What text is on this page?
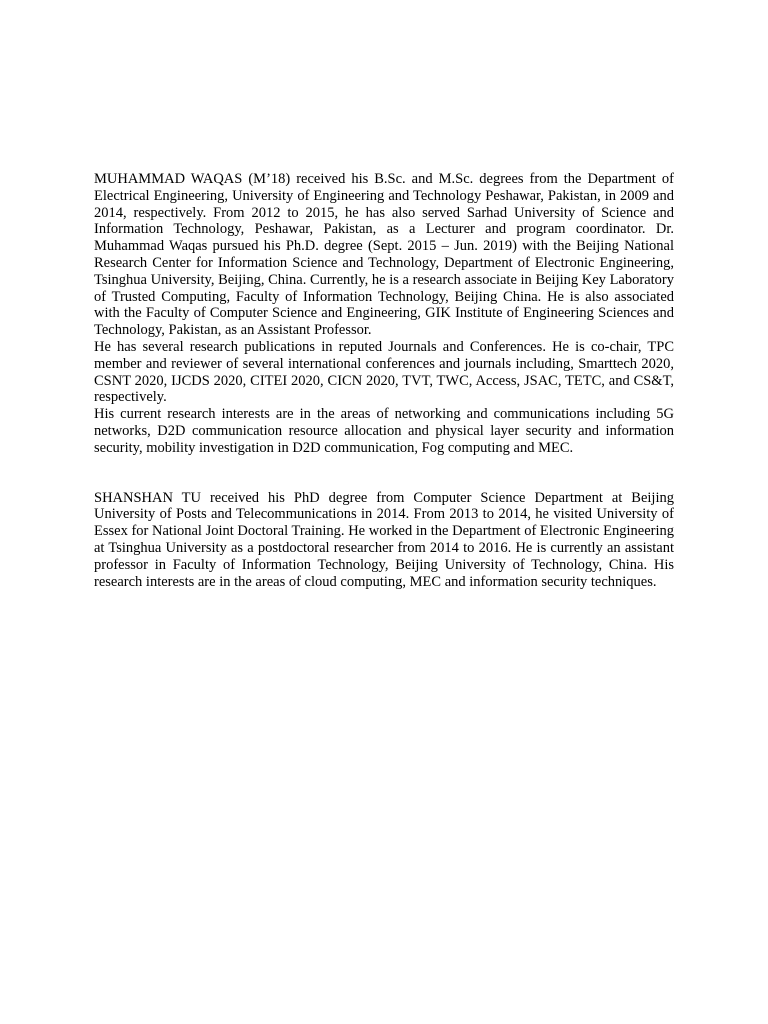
MUHAMMAD WAQAS (M’18) received his B.Sc. and M.Sc. degrees from the Department of Electrical Engineering, University of Engineering and Technology Peshawar, Pakistan, in 2009 and 2014, respectively. From 2012 to 2015, he has also served Sarhad University of Science and Information Technology, Peshawar, Pakistan, as a Lecturer and program coordinator. Dr. Muhammad Waqas pursued his Ph.D. degree (Sept. 2015 – Jun. 2019) with the Beijing National Research Center for Information Science and Technology, Department of Electronic Engineering, Tsinghua University, Beijing, China. Currently, he is a research associate in Beijing Key Laboratory of Trusted Computing, Faculty of Information Technology, Beijing China. He is also associated with the Faculty of Computer Science and Engineering, GIK Institute of Engineering Sciences and Technology, Pakistan, as an Assistant Professor.

He has several research publications in reputed Journals and Conferences. He is co-chair, TPC member and reviewer of several international conferences and journals including, Smarttech 2020, CSNT 2020, IJCDS 2020, CITEI 2020, CICN 2020, TVT, TWC, Access, JSAC, TETC, and CS&T, respectively.

His current research interests are in the areas of networking and communications including 5G networks, D2D communication resource allocation and physical layer security and information security, mobility investigation in D2D communication, Fog computing and MEC.

SHANSHAN TU received his PhD degree from Computer Science Department at Beijing University of Posts and Telecommunications in 2014. From 2013 to 2014, he visited University of Essex for National Joint Doctoral Training. He worked in the Department of Electronic Engineering at Tsinghua University as a postdoctoral researcher from 2014 to 2016. He is currently an assistant professor in Faculty of Information Technology, Beijing University of Technology, China. His research interests are in the areas of cloud computing, MEC and information security techniques.
